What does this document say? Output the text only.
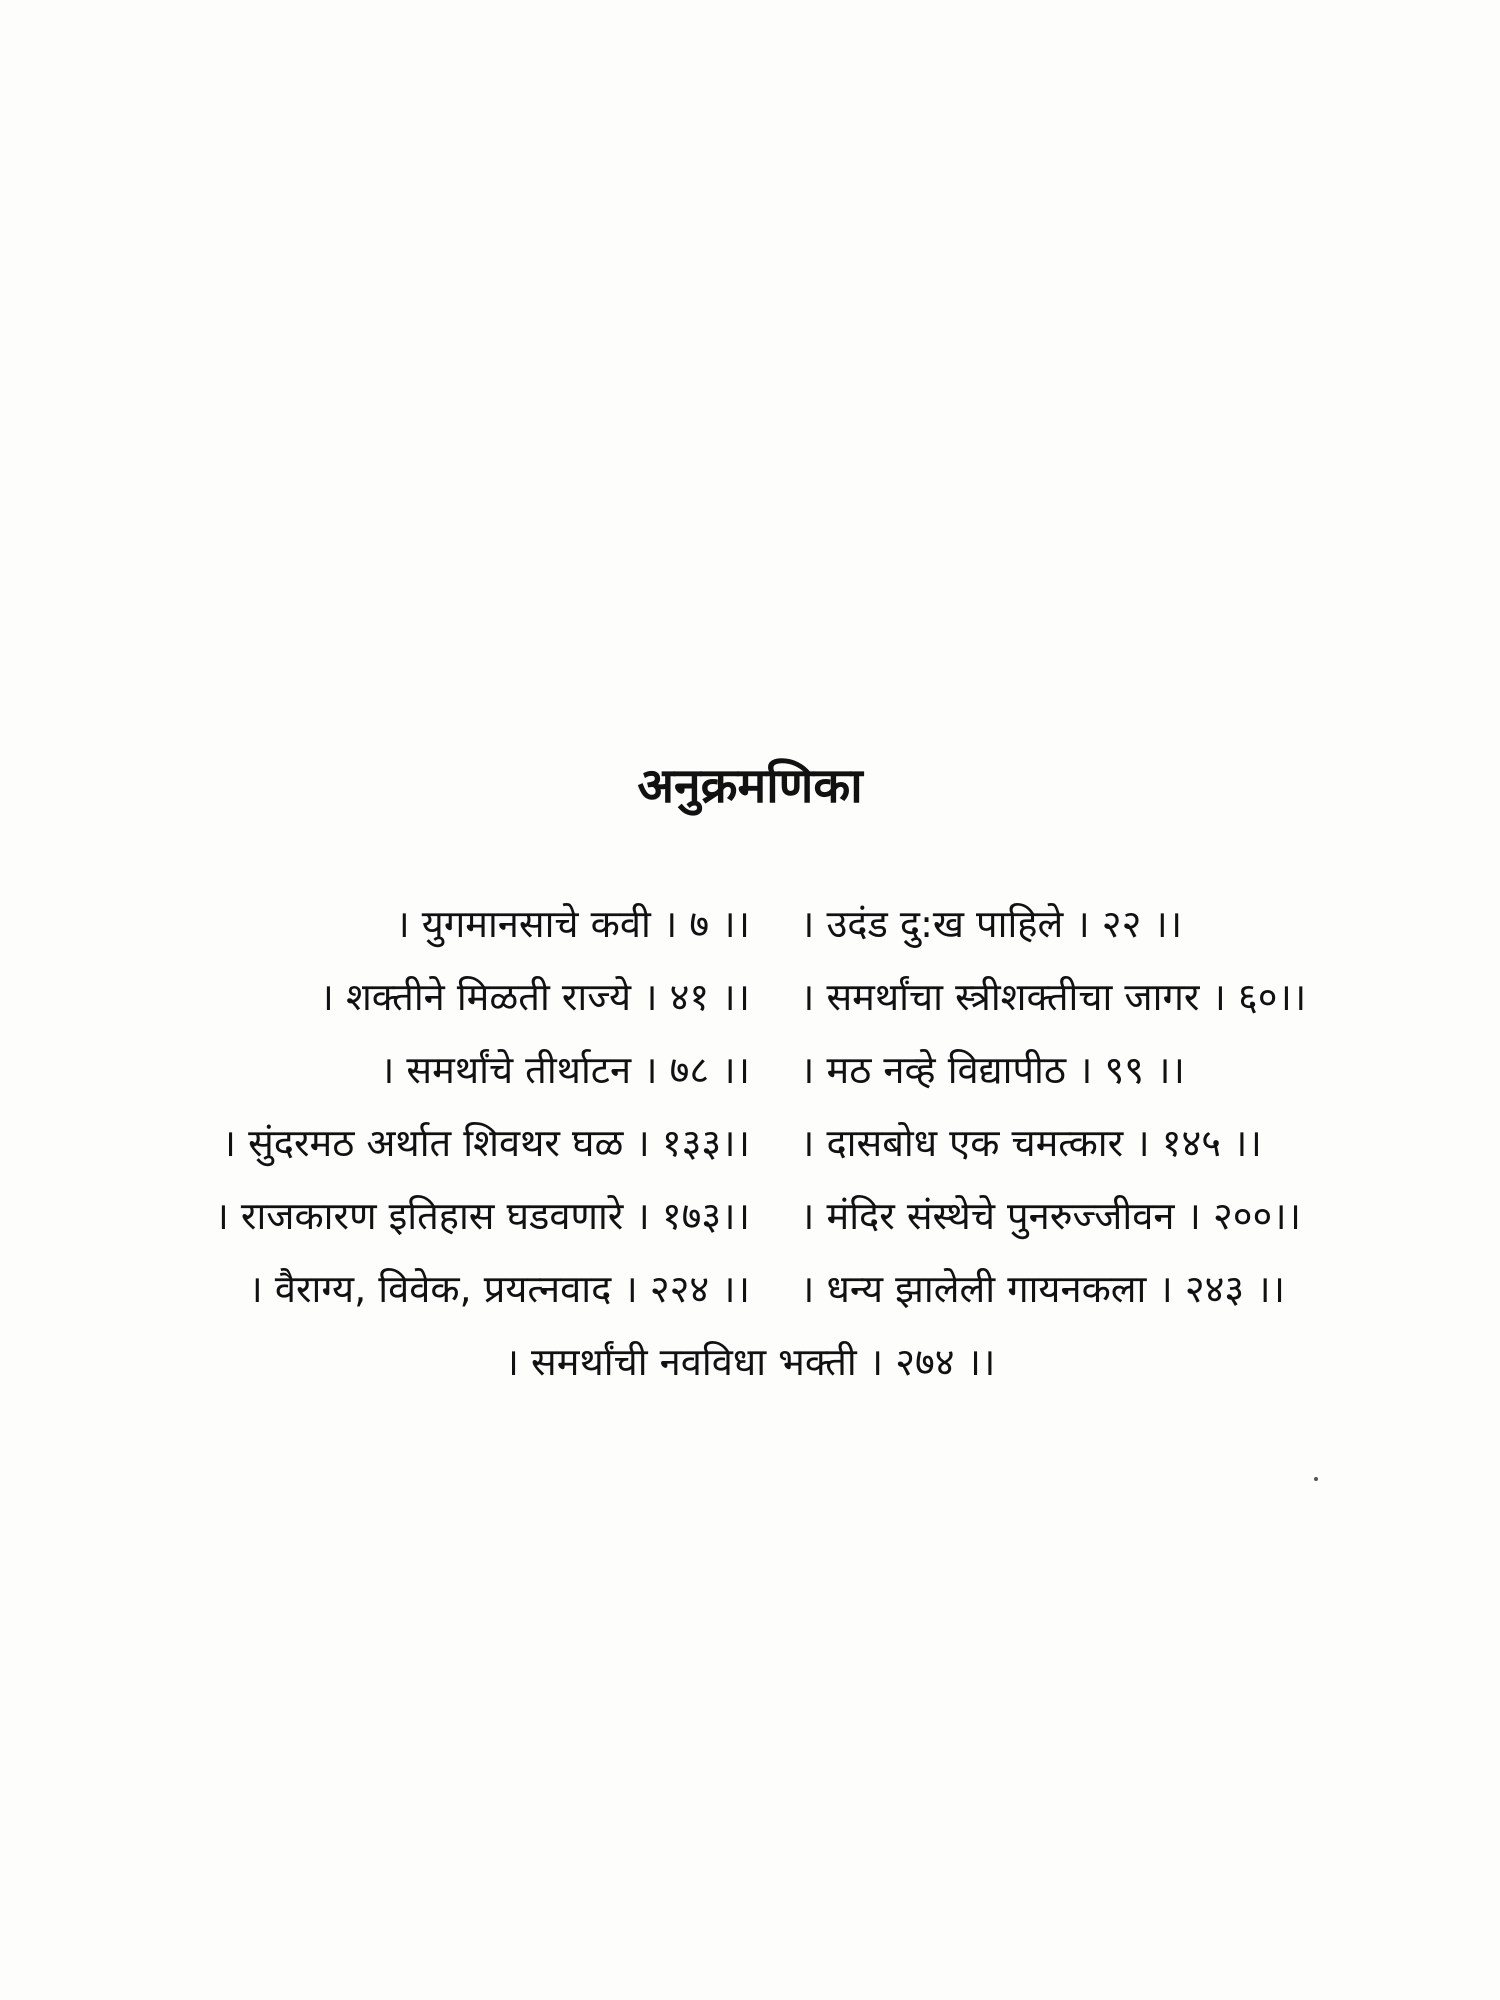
अनुक्रमणिका
। युगमानसाचे कवी । ७ ।। । उदंड दु:ख पाहिले । २२ ।।
। शक्तीने मिळती राज्ये । ४१ ।। । समर्थांचा स्त्रीशक्तीचा जागर । ६०।।
। समर्थांचे तीर्थाटन । ७८ ।। । मठ नव्हे विद्यापीठ । ९९ ।।
। सुंदरमठ अर्थात शिवथर घळ । १३३।। । दासबोध एक चमत्कार । १४५ ।।
। राजकारण इतिहास घडवणारे । १७३।। । मंदिर संस्थेचे पुनरुज्जीवन । २००।।
। वैराग्य, विवेक, प्रयत्नवाद । २२४ ।। । धन्य झालेली गायनकला । २४३ ।।
। समर्थांची नवविधा भक्ती । २७४ ।।
